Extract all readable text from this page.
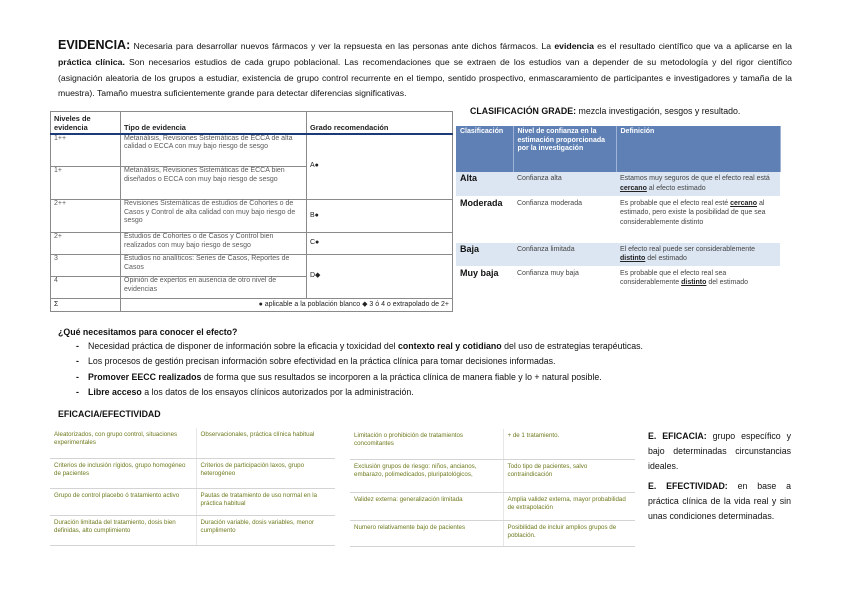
EVIDENCIA: Necesaria para desarrollar nuevos fármacos y ver la repsuesta en las personas ante dichos fármacos. La evidencia es el resultado científico que va a aplicarse en la práctica clínica. Son necesarios estudios de cada grupo poblacional. Las recomendaciones que se extraen de los estudios van a depender de su metodología y del rigor científico (asignación aleatoria de los grupos a estudiar, existencia de grupo control recurrente en el tiempo, sentido prospectivo, enmascaramiento de participantes e investigadores y tamaña de la muestra). Tamaño muestra suficientemente grande para detectar diferencias significativas.
Niveles de evidencia	Tipo de evidencia	Grado recomendación
1++	Metanálisis, Revisiones Sistemáticas de ECCA de alta calidad o ECCA con muy bajo riesgo de sesgo	A●
1+	Metanálisis, Revisiones Sistemáticas de ECCA bien diseñados o ECCA con muy bajo riesgo de sesgo	
2++	Revisiones Sistemáticas de estudios de Cohortes o de Casos y Control de alta calidad con muy bajo riesgo de sesgo	B●
2+	Estudios de Cohortes o de Casos y Control bien realizados con muy bajo riesgo de sesgo	C●
3	Estudios no analíticos: Series de Casos, Reportes de Casos	D◆
4	Opinión de expertos en ausencia de otro nivel de evidencias	
Σ	● aplicable a la población blanco ◆ 3 ó 4 o extrapolado de 2+	
CLASIFICACIÓN GRADE: mezcla investigación, sesgos y resultado.
Clasificación	Nivel de confianza en la estimación proporcionada por la investigación	Definición
Alta	Confianza alta	Estamos muy seguros de que el efecto real está cercano al efecto estimado
Moderada	Confianza moderada	Es probable que el efecto real esté cercano al estimado, pero existe la posibilidad de que sea considerablemente distinto
Baja	Confianza limitada	El efecto real puede ser considerablemente distinto del estimado
Muy baja	Confianza muy baja	Es probable que el efecto real sea considerablemente distinto del estimado

¿Qué necesitamos para conocer el efecto?

- Necesidad práctica de disponer de información sobre la eficacia y toxicidad del contexto real y cotidiano del uso de estrategias terapéuticas.
- Los procesos de gestión precisan información sobre efectividad en la práctica clínica para tomar decisiones informadas.
- Promover EECC realizados de forma que sus resultados se incorporen a la práctica clínica de manera fiable y lo + natural posible.
- Libre acceso a los datos de los ensayos clínicos autorizados por la administración.
EFICACIA/EFECTIVIDAD
Aleatorizados, con grupo control, situaciones experimentales	Observacionales, práctica clínica habitual
Criterios de inclusión rígidos, grupo homogéneo de pacientes	Criterios de participación laxos, grupo heterogéneo
Grupo de control placebo ó tratamiento activo	Pautas de tratamiento de uso normal en la práctica habitual
Duración limitada del tratamiento, dosis bien definidas, alto cumplimiento	Duración variable, dosis variables, menor cumplimento
Limitación o prohibición de tratamientos concomitantes	+ de 1 tratamiento.
Exclusión grupos de riesgo: niños, ancianos, embarazo, polimedicados, pluripatológicos,	Todo tipo de pacientes, salvo contraindicación
Validez externa: generalización limitada	Amplia validez externa, mayor probabilidad de extrapolación
Numero relativamente bajo de pacientes	Posibilidad de incluir amplios grupos de población.

E. EFICACIA: grupo específico y bajo determinadas circunstancias ideales.

E. EFECTIVIDAD: en base a práctica clínica de la vida real y sin unas condiciones determinadas.
